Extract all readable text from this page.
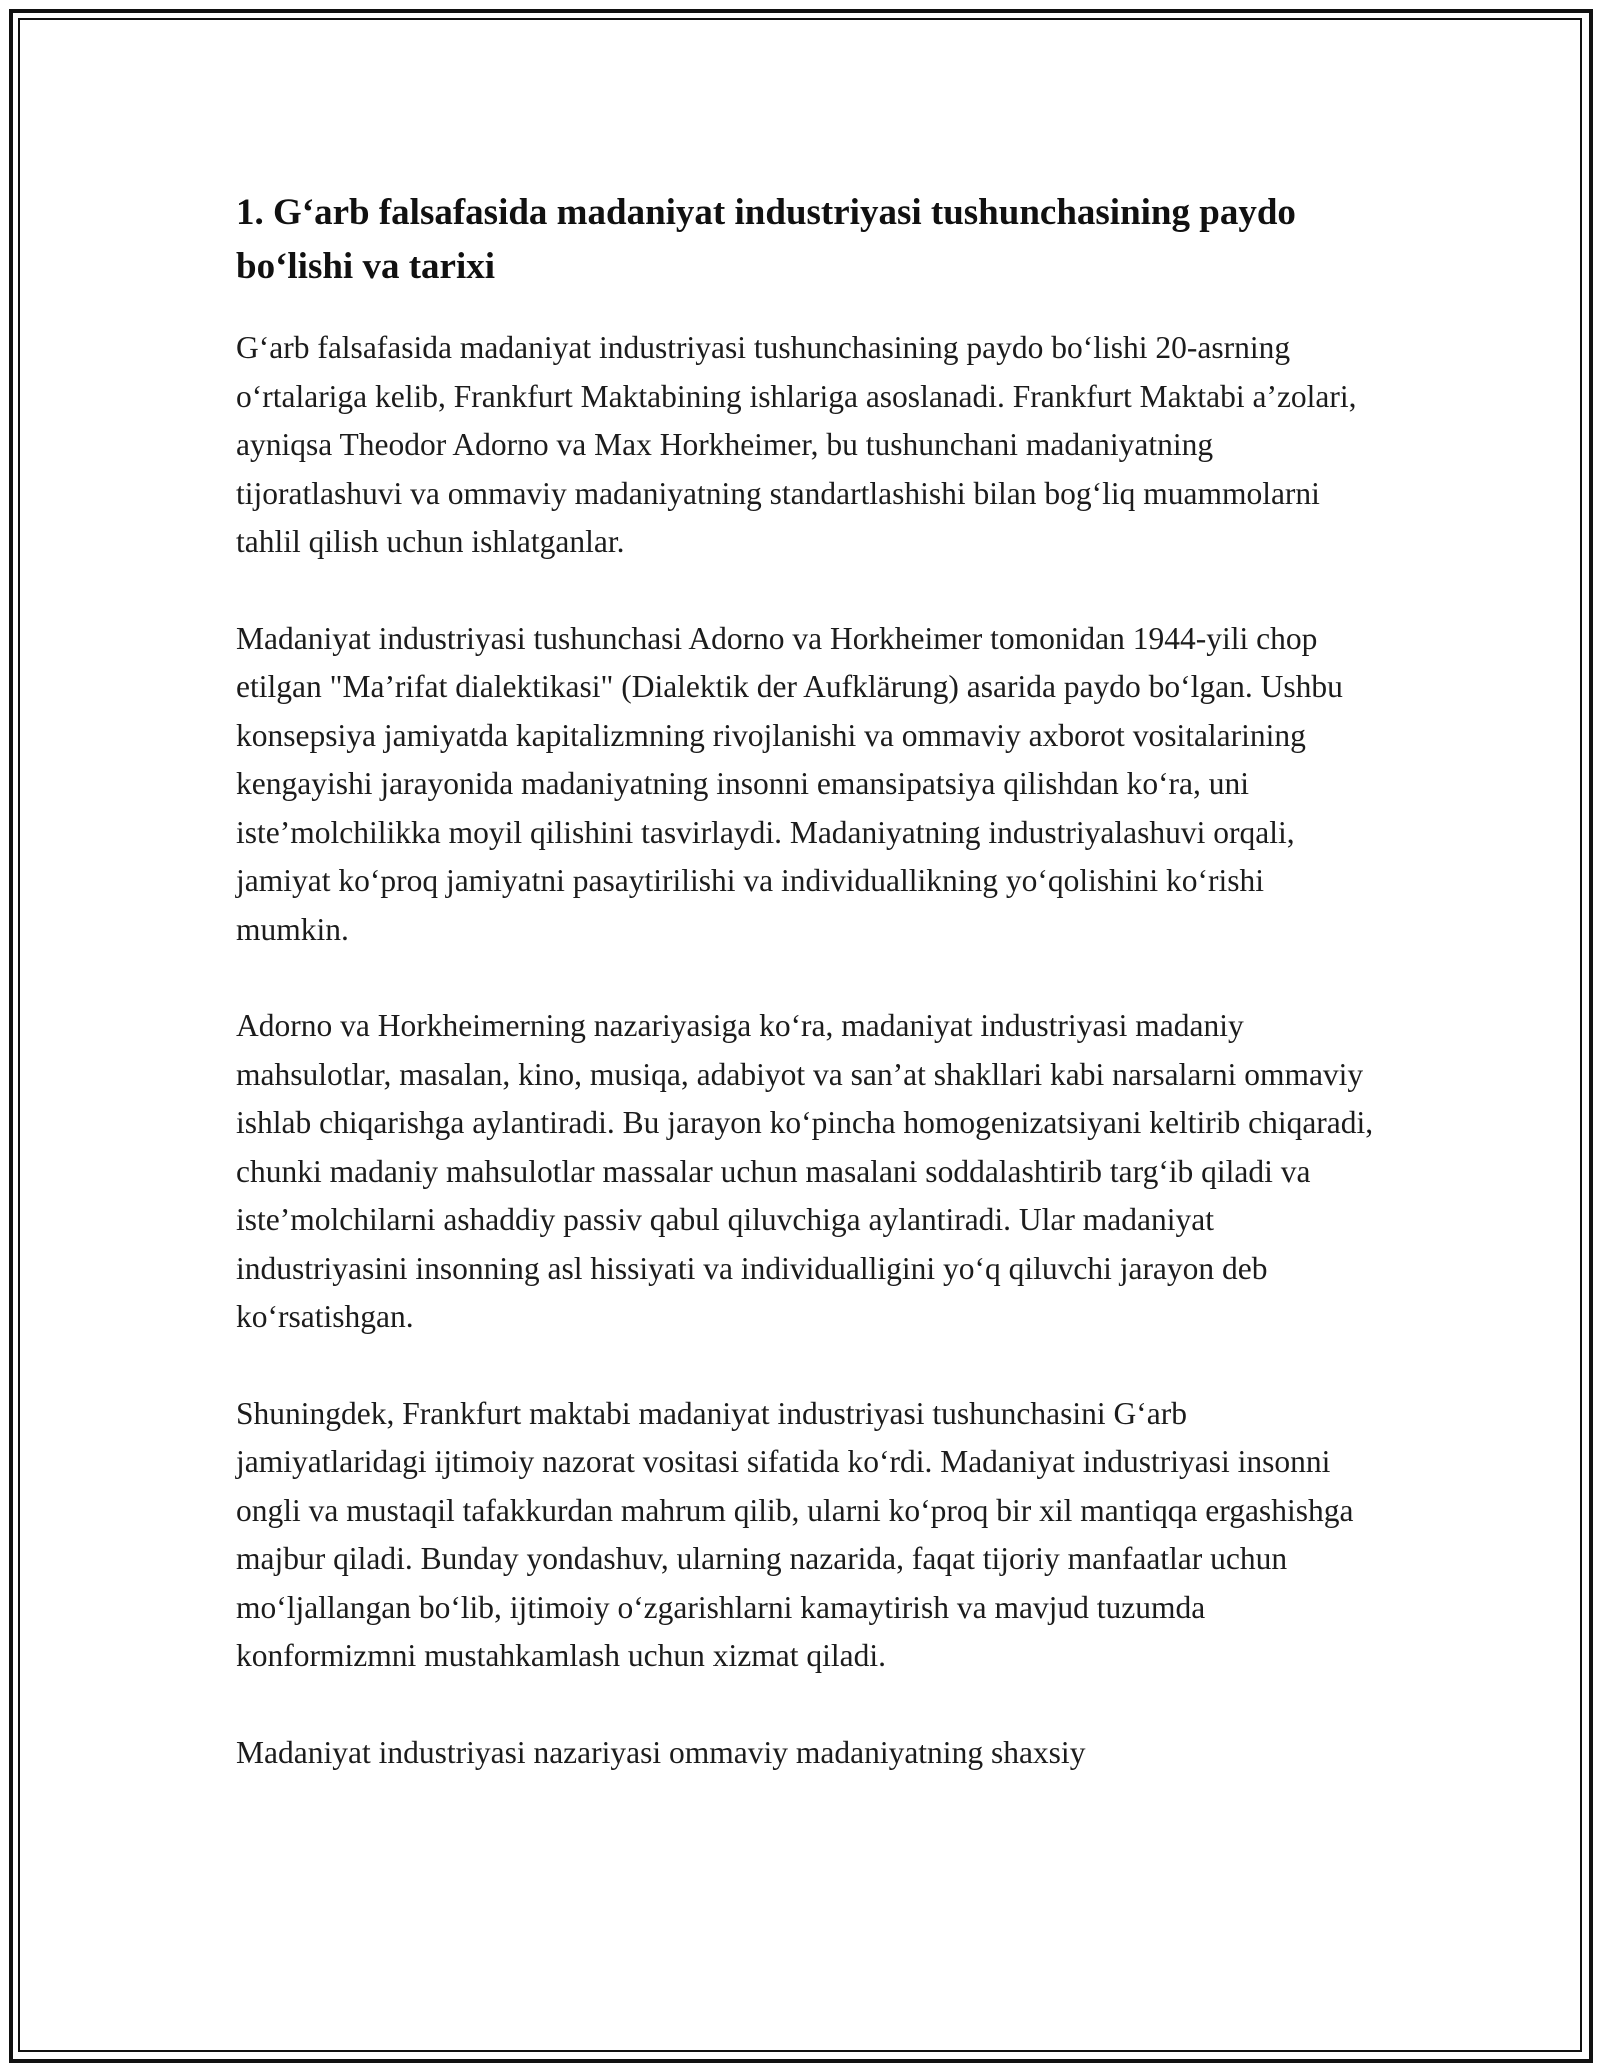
1. G‘arb falsafasida madaniyat industriyasi tushunchasining paydo bo‘lishi va tarixi

G‘arb falsafasida madaniyat industriyasi tushunchasining paydo bo‘lishi 20-asrning o‘rtalariga kelib, Frankfurt Maktabining ishlariga asoslanadi. Frankfurt Maktabi a’zolari, ayniqsa Theodor Adorno va Max Horkheimer, bu tushunchani madaniyatning tijoratlashuvi va ommaviy madaniyatning standartlashishi bilan bog‘liq muammolarni tahlil qilish uchun ishlatganlar.

Madaniyat industriyasi tushunchasi Adorno va Horkheimer tomonidan 1944-yili chop etilgan "Ma’rifat dialektikasi" (Dialektik der Aufklärung) asarida paydo bo‘lgan. Ushbu konsepsiya jamiyatda kapitalizmning rivojlanishi va ommaviy axborot vositalarining kengayishi jarayonida madaniyatning insonni emansipatsiya qilishdan ko‘ra, uni iste’molchilikka moyil qilishini tasvirlaydi. Madaniyatning industriyalashuvi orqali, jamiyat ko‘proq jamiyatni pasaytirilishi va individuallikning yo‘qolishini ko‘rishi mumkin.

Adorno va Horkheimerning nazariyasiga ko‘ra, madaniyat industriyasi madaniy mahsulotlar, masalan, kino, musiqa, adabiyot va san’at shakllari kabi narsalarni ommaviy ishlab chiqarishga aylantiradi. Bu jarayon ko‘pincha homogenizatsiyani keltirib chiqaradi, chunki madaniy mahsulotlar massalar uchun masalani soddalashtirib targ‘ib qiladi va iste’molchilarni ashaddiy passiv qabul qiluvchiga aylantiradi. Ular madaniyat industriyasini insonning asl hissiyati va individualligini yo‘q qiluvchi jarayon deb ko‘rsatishgan.

Shuningdek, Frankfurt maktabi madaniyat industriyasi tushunchasini G‘arb jamiyatlaridagi ijtimoiy nazorat vositasi sifatida ko‘rdi. Madaniyat industriyasi insonni ongli va mustaqil tafakkurdan mahrum qilib, ularni ko‘proq bir xil mantiqqa ergashishga majbur qiladi. Bunday yondashuv, ularning nazarida, faqat tijoriy manfaatlar uchun mo‘ljallangan bo‘lib, ijtimoiy o‘zgarishlarni kamaytirish va mavjud tuzumda konformizmni mustahkamlash uchun xizmat qiladi.

Madaniyat industriyasi nazariyasi ommaviy madaniyatning shaxsiy
